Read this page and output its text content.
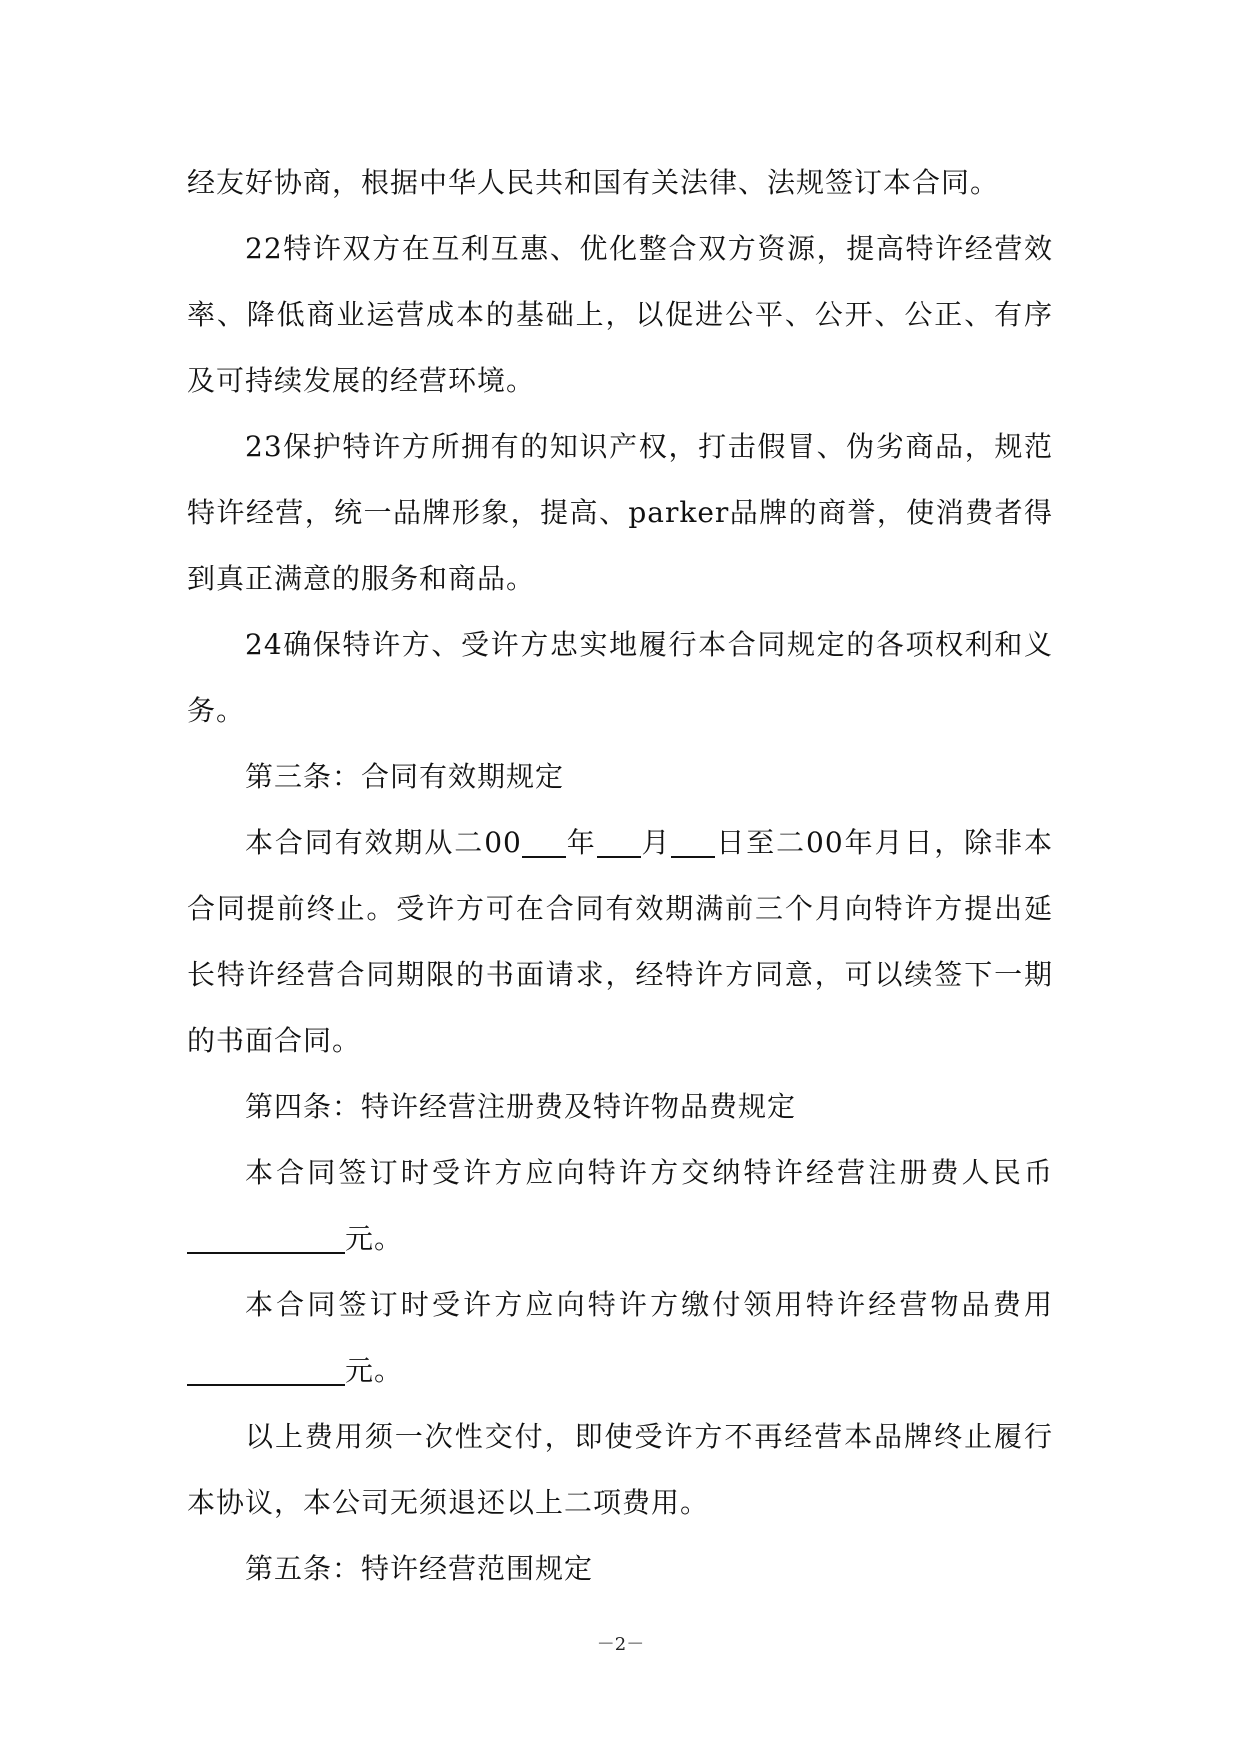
经友好协商，根据中华人民共和国有关法律、法规签订本合同。

22特许双方在互利互惠、优化整合双方资源，提高特许经营效率、降低商业运营成本的基础上，以促进公平、公开、公正、有序及可持续发展的经营环境。

23保护特许方所拥有的知识产权，打击假冒、伪劣商品，规范特许经营，统一品牌形象，提高、parker品牌的商誉，使消费者得到真正满意的服务和商品。

24确保特许方、受许方忠实地履行本合同规定的各项权利和义务。

第三条：合同有效期规定

本合同有效期从二00 年 月 日至二00年月日，除非本合同提前终止。受许方可在合同有效期满前三个月向特许方提出延长特许经营合同期限的书面请求，经特许方同意，可以续签下一期的书面合同。

第四条：特许经营注册费及特许物品费规定

本合同签订时受许方应向特许方交纳特许经营注册费人民币元。

本合同签订时受许方应向特许方缴付领用特许经营物品费用元。

以上费用须一次性交付，即使受许方不再经营本品牌终止履行本协议，本公司无须退还以上二项费用。

第五条：特许经营范围规定

－2－
